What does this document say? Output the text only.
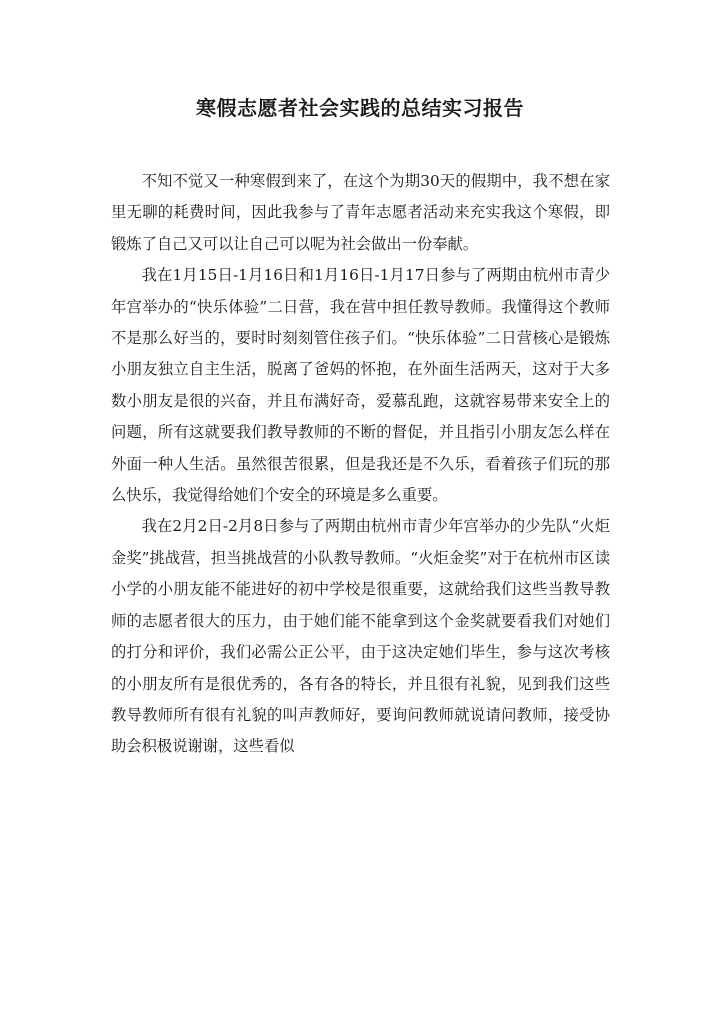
寒假志愿者社会实践的总结实习报告

不知不觉又一种寒假到来了，在这个为期30天的假期中，我不想在家里无聊的耗费时间，因此我参与了青年志愿者活动来充实我这个寒假，即锻炼了自己又可以让自己可以呢为社会做出一份奉献。

我在1月15日-1月16日和1月16日-1月17日参与了两期由杭州市青少年宫举办的“快乐体验”二日营，我在营中担任教导教师。我懂得这个教师不是那么好当的，要时时刻刻管住孩子们。“快乐体验”二日营核心是锻炼小朋友独立自主生活，脱离了爸妈的怀抱，在外面生活两天，这对于大多数小朋友是很的兴奋，并且布满好奇，爱慕乱跑，这就容易带来安全上的问题，所有这就要我们教导教师的不断的督促，并且指引小朋友怎么样在外面一种人生活。虽然很苦很累，但是我还是不久乐，看着孩子们玩的那么快乐，我觉得给她们个安全的环境是多么重要。

我在2月2日-2月8日参与了两期由杭州市青少年宫举办的少先队“火炬金奖”挑战营，担当挑战营的小队教导教师。“火炬金奖”对于在杭州市区读小学的小朋友能不能进好的初中学校是很重要，这就给我们这些当教导教师的志愿者很大的压力，由于她们能不能拿到这个金奖就要看我们对她们的打分和评价，我们必需公正公平，由于这决定她们毕生，参与这次考核的小朋友所有是很优秀的，各有各的特长，并且很有礼貌，见到我们这些教导教师所有很有礼貌的叫声教师好，要询问教师就说请问教师，接受协助会积极说谢谢，这些看似
